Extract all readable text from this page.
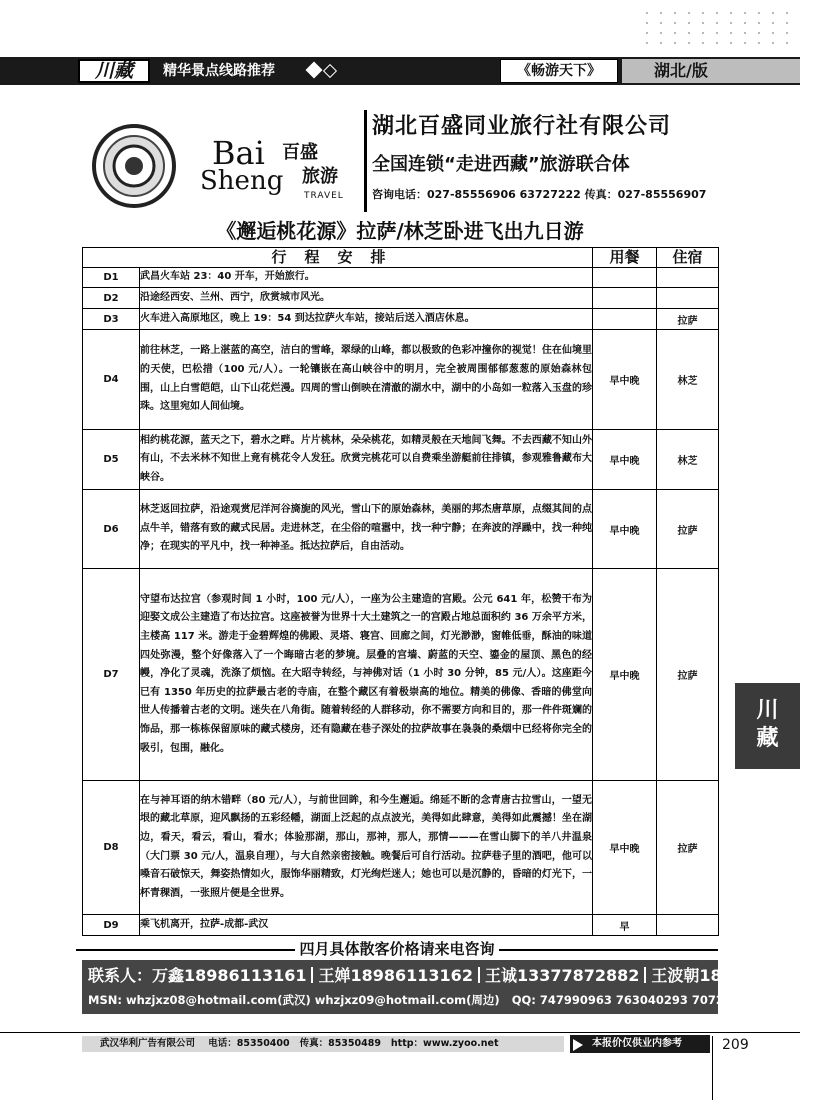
川藏	精华景点线路推荐	《畅游天下》	湖北/版
Bai
Sheng
百盛
旅游
TRAVEL
湖北百盛同业旅行社有限公司
全国连锁“走进西藏”旅游联合体
咨询电话：027-85556906 63727222 传真：027-85556907
《邂逅桃花源》拉萨/林芝卧进飞出九日游
行程安排		用餐	住宿
D1	武昌火车站 23：40 开车，开始旅行。		
D2	沿途经西安、兰州、西宁，欣赏城市风光。		
D3	火车进入高原地区，晚上 19：54 到达拉萨火车站，接站后送入酒店休息。		拉萨
D4	前往林芝，一路上湛蓝的高空，洁白的雪峰，翠绿的山峰，都以极致的色彩冲撞你的视觉！住在仙境里的天使，巴松措（100 元/人）。一轮镶嵌在高山峡谷中的明月，完全被周围郁郁葱葱的原始森林包围，山上白雪皑皑，山下山花烂漫。四周的雪山倒映在清澈的湖水中，湖中的小岛如一粒落入玉盘的珍珠。这里宛如人间仙境。	早中晚	林芝
D5	相约桃花源，蓝天之下，碧水之畔。片片桃林，朵朵桃花，如精灵般在天地间飞舞。不去西藏不知山外有山，不去米林不知世上竟有桃花令人发狂。欣赏完桃花可以自费乘坐游艇前往排镇，参观雅鲁藏布大峡谷。	早中晚	林芝
D6	林芝返回拉萨，沿途观赏尼洋河谷旖旎的风光，雪山下的原始森林，美丽的邦杰唐草原，点缀其间的点点牛羊，错落有致的藏式民居。走进林芝，在尘俗的喧嚣中，找一种宁静；在奔波的浮躁中，找一种纯净；在现实的平凡中，找一种神圣。抵达拉萨后，自由活动。	早中晚	拉萨
D7	守望布达拉宫（参观时间 1 小时，100 元/人），一座为公主建造的宫殿。公元 641 年，松赞干布为迎娶文成公主建造了布达拉宫。这座被誉为世界十大土建筑之一的宫殿占地总面积约 36 万余平方米，主楼高 117 米。游走于金碧辉煌的佛殿、灵塔、寝宫、回廊之间，灯光渺渺，窗帷低垂，酥油的味道四处弥漫，整个好像落入了一个晦暗古老的梦境。层叠的宫墙、蔚蓝的天空、鎏金的屋顶、黑色的经幔，净化了灵魂，洗涤了烦恼。在大昭寺转经，与神佛对话（1 小时 30 分钟，85 元/人）。这座距今已有 1350 年历史的拉萨最古老的寺庙，在整个藏区有着极崇高的地位。精美的佛像、香暗的佛堂向世人传播着古老的文明。迷失在八角街。随着转经的人群移动，你不需要方向和目的，那一件件斑斓的饰品，那一栋栋保留原味的藏式楼房，还有隐藏在巷子深处的拉萨故事在袅袅的桑烟中已经将你完全的吸引，包围，融化。	早中晚	拉萨
D8	在与神耳语的纳木错畔（80 元/人），与前世回眸，和今生邂逅。绵延不断的念青唐古拉雪山，一望无垠的藏北草原，迎风飘扬的五彩经幡，湖面上泛起的点点波光，美得如此肆意，美得如此震撼！坐在湖边，看天，看云，看山，看水；体验那湖，那山，那神，那人，那情———在雪山脚下的羊八井温泉（大门票 30 元/人，温泉自理），与大自然亲密接触。晚餐后可自行活动。拉萨巷子里的酒吧，他可以嗓音石破惊天，舞姿热情如火，服饰华丽精致，灯光绚烂迷人；她也可以是沉静的，昏暗的灯光下，一杯青稞酒，一张照片便是全世界。	早中晚	拉萨
D9	乘飞机离开，拉萨-成都-武汉	早	
四月具体散客价格请来电咨询
联系人：万鑫18986113161 王婵18986113162 王诚13377872882 王波朝18971270005
MSN: whzjxz08@hotmail.com(武汉) whzjxz09@hotmail.com(周边) QQ: 747990963 763040293 707261299
武汉华利广告有限公司 电话：85350400 传真：85350489 http：www.zyoo.net	本报价仅供业内参考	209
川藏
